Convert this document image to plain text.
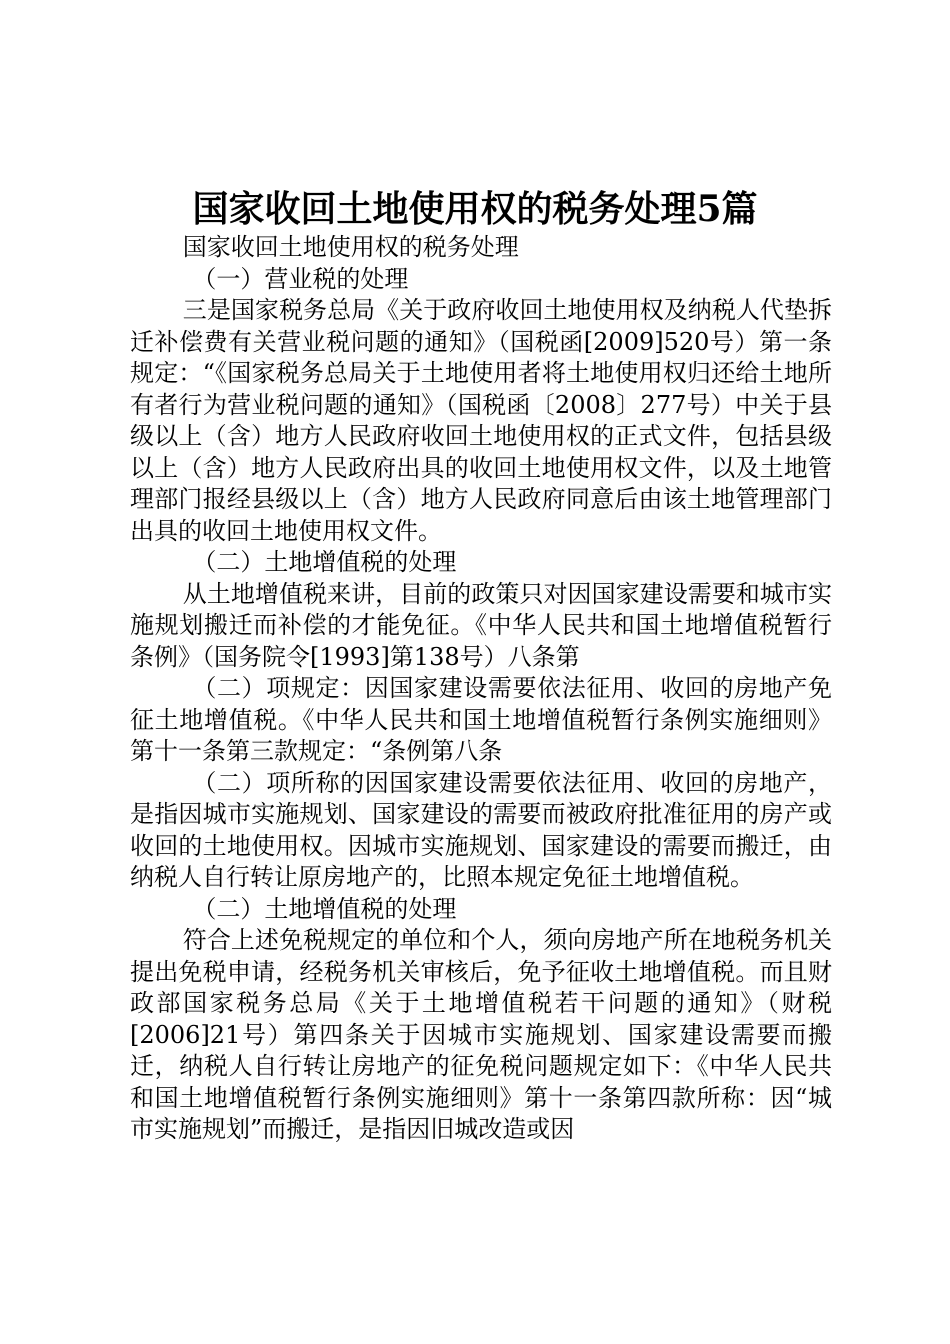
国家收回土地使用权的税务处理5篇

国家收回土地使用权的税务处理

（一）营业税的处理

三是国家税务总局《关于政府收回土地使用权及纳税人代垫拆迁补偿费有关营业税问题的通知》（国税函[2009]520号）第一条规定：“《国家税务总局关于土地使用者将土地使用权归还给土地所有者行为营业税问题的通知》（国税函〔2008〕277号）中关于县级以上（含）地方人民政府收回土地使用权的正式文件，包括县级以上（含）地方人民政府出具的收回土地使用权文件，以及土地管理部门报经县级以上（含）地方人民政府同意后由该土地管理部门出具的收回土地使用权文件。

（二）土地增值税的处理

从土地增值税来讲，目前的政策只对因国家建设需要和城市实施规划搬迁而补偿的才能免征。《中华人民共和国土地增值税暂行条例》（国务院令[1993]第138号）八条第

（二）项规定：因国家建设需要依法征用、收回的房地产免征土地增值税。《中华人民共和国土地增值税暂行条例实施细则》第十一条第三款规定：“条例第八条

（二）项所称的因国家建设需要依法征用、收回的房地产，是指因城市实施规划、国家建设的需要而被政府批准征用的房产或收回的土地使用权。因城市实施规划、国家建设的需要而搬迁，由纳税人自行转让原房地产的，比照本规定免征土地增值税。

（二）土地增值税的处理

符合上述免税规定的单位和个人，须向房地产所在地税务机关提出免税申请，经税务机关审核后，免予征收土地增值税。而且财政部国家税务总局《关于土地增值税若干问题的通知》（财税[2006]21号）第四条关于因城市实施规划、国家建设需要而搬迁，纳税人自行转让房地产的征免税问题规定如下：《中华人民共和国土地增值税暂行条例实施细则》第十一条第四款所称：因“城市实施规划”而搬迁，是指因旧城改造或因
